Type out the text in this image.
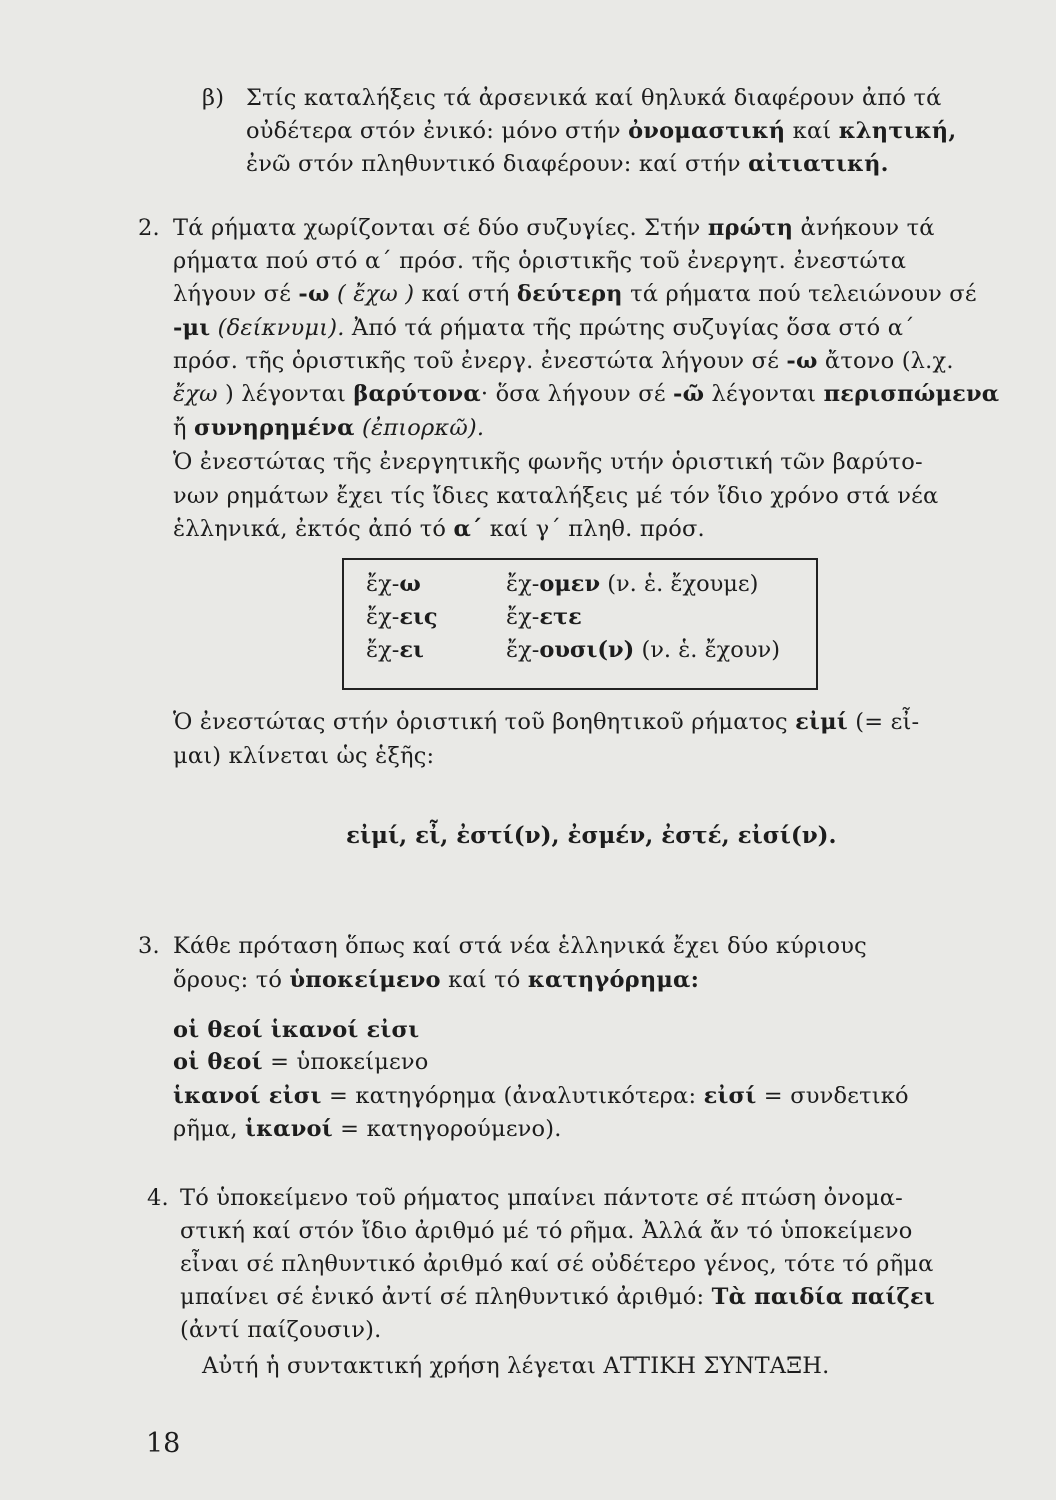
β) Στίς καταλήξεις τά ἀρσενικά καί θηλυκά διαφέρουν ἀπό τά

οὐδέτερα στόν ἐνικό: μόνο στήν ὀνομαστική καί κλητική,

ἐνῶ στόν πληθυντικό διαφέρουν: καί στήν αἰτιατική.

2. Τά ρήματα χωρίζονται σέ δύο συζυγίες. Στήν πρώτη ἀνήκουν τά

ρήματα πού στό α΄ πρόσ. τῆς ὁριστικῆς τοῦ ἐνεργητ. ἐνεστώτα

λήγουν σέ -ω ( ἔχω ) καί στή δεύτερη τά ρήματα πού τελειώνουν σέ

-μι (δείκνυμι). Ἀπό τά ρήματα τῆς πρώτης συζυγίας ὅσα στό α΄

πρόσ. τῆς ὁριστικῆς τοῦ ἐνεργ. ἐνεστώτα λήγουν σέ -ω ἄτονο (λ.χ.

ἔχω ) λέγονται βαρύτονα· ὅσα λήγουν σέ -ῶ λέγονται περισπώμενα

ἤ συνηρημένα (ἐπιορκῶ).

Ὁ ἐνεστώτας τῆς ἐνεργητικῆς φωνῆς υτήν ὁριστική τῶν βαρύτο-

νων ρημάτων ἔχει τίς ἴδιες καταλήξεις μέ τόν ἴδιο χρόνο στά νέα

ἑλληνικά, ἐκτός ἀπό τό α΄ καί γ΄ πληθ. πρόσ.

ἔχ-ω
ἔχ-εις
ἔχ-ει
ἔχ-ομεν (ν. ἑ. ἔχουμε)
ἔχ-ετε
ἔχ-ουσι(ν) (ν. ἑ. ἔχουν)

Ὁ ἐνεστώτας στήν ὁριστική τοῦ βοηθητικοῦ ρήματος εἰμί (= εἶ-

μαι) κλίνεται ὡς ἑξῆς:

εἰμί, εἶ, ἐστί(ν), ἐσμέν, ἐστέ, εἰσί(ν).
3. Κάθε πρόταση ὅπως καί στά νέα ἑλληνικά ἔχει δύο κύριους

ὅρους: τό ὑποκείμενο καί τό κατηγόρημα:

οἱ θεοί ἱκανοί εἰσι

οἱ θεοί = ὑποκείμενο

ἱκανοί εἰσι = κατηγόρημα (ἀναλυτικότερα: εἰσί = συνδετικό

ρῆμα, ἱκανοί = κατηγορούμενο).

4. Τό ὑποκείμενο τοῦ ρήματος μπαίνει πάντοτε σέ πτώση ὀνομα-

στική καί στόν ἴδιο ἀριθμό μέ τό ρῆμα. Ἀλλά ἄν τό ὑποκείμενο

εἶναι σέ πληθυντικό ἀριθμό καί σέ οὐδέτερο γένος, τότε τό ρῆμα

μπαίνει σέ ἑνικό ἀντί σέ πληθυντικό ἀριθμό: Τὰ παιδία παίζει

(ἀντί παίζουσιν).

Αὐτή ἡ συντακτική χρήση λέγεται ΑΤΤΙΚΗ ΣΥΝΤΑΞΗ.

18
